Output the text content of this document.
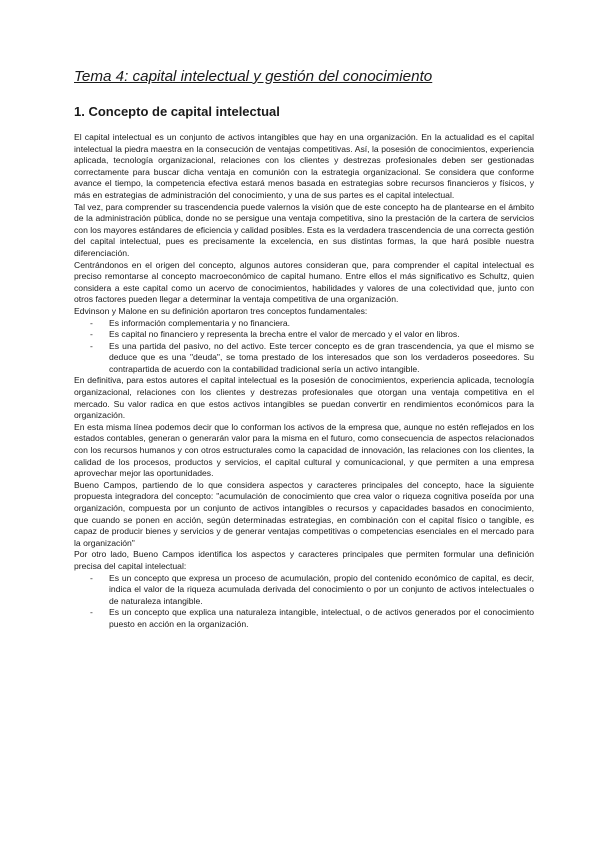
Tema 4: capital intelectual y gestión del conocimiento
1. Concepto de capital intelectual

El capital intelectual es un conjunto de activos intangibles que hay en una organización. En la actualidad es el capital intelectual la piedra maestra en la consecución de ventajas competitivas. Así, la posesión de conocimientos, experiencia aplicada, tecnología organizacional, relaciones con los clientes y destrezas profesionales deben ser gestionadas correctamente para buscar dicha ventaja en comunión con la estrategia organizacional. Se considera que conforme avance el tiempo, la competencia efectiva estará menos basada en estrategias sobre recursos financieros y físicos, y más en estrategias de administración del conocimiento, y una de sus partes es el capital intelectual.

Tal vez, para comprender su trascendencia puede valernos la visión que de este concepto ha de plantearse en el ámbito de la administración pública, donde no se persigue una ventaja competitiva, sino la prestación de la cartera de servicios con los mayores estándares de eficiencia y calidad posibles. Esta es la verdadera trascendencia de una correcta gestión del capital intelectual, pues es precisamente la excelencia, en sus distintas formas, la que hará posible nuestra diferenciación.

Centrándonos en el origen del concepto, algunos autores consideran que, para comprender el capital intelectual es preciso remontarse al concepto macroeconómico de capital humano. Entre ellos el más significativo es Schultz, quien considera a este capital como un acervo de conocimientos, habilidades y valores de una colectividad que, junto con otros factores pueden llegar a determinar la ventaja competitiva de una organización.

Edvinson y Malone en su definición aportaron tres conceptos fundamentales:

- Es información complementaria y no financiera.
- Es capital no financiero y representa la brecha entre el valor de mercado y el valor en libros.
- Es una partida del pasivo, no del activo. Este tercer concepto es de gran trascendencia, ya que el mismo se deduce que es una "deuda", se toma prestado de los interesados que son los verdaderos poseedores. Su contrapartida de acuerdo con la contabilidad tradicional sería un activo intangible.

En definitiva, para estos autores el capital intelectual es la posesión de conocimientos, experiencia aplicada, tecnología organizacional, relaciones con los clientes y destrezas profesionales que otorgan una ventaja competitiva en el mercado. Su valor radica en que estos activos intangibles se puedan convertir en rendimientos económicos para la organización.

En esta misma línea podemos decir que lo conforman los activos de la empresa que, aunque no estén reflejados en los estados contables, generan o generarán valor para la misma en el futuro, como consecuencia de aspectos relacionados con los recursos humanos y con otros estructurales como la capacidad de innovación, las relaciones con los clientes, la calidad de los procesos, productos y servicios, el capital cultural y comunicacional, y que permiten a una empresa aprovechar mejor las oportunidades.

Bueno Campos, partiendo de lo que considera aspectos y caracteres principales del concepto, hace la siguiente propuesta integradora del concepto: "acumulación de conocimiento que crea valor o riqueza cognitiva poseída por una organización, compuesta por un conjunto de activos intangibles o recursos y capacidades basados en conocimiento, que cuando se ponen en acción, según determinadas estrategias, en combinación con el capital físico o tangible, es capaz de producir bienes y servicios y de generar ventajas competitivas o competencias esenciales en el mercado para la organización"

Por otro lado, Bueno Campos identifica los aspectos y caracteres principales que permiten formular una definición precisa del capital intelectual:

- Es un concepto que expresa un proceso de acumulación, propio del contenido económico de capital, es decir, indica el valor de la riqueza acumulada derivada del conocimiento o por un conjunto de activos intelectuales o de naturaleza intangible.
- Es un concepto que explica una naturaleza intangible, intelectual, o de activos generados por el conocimiento puesto en acción en la organización.
